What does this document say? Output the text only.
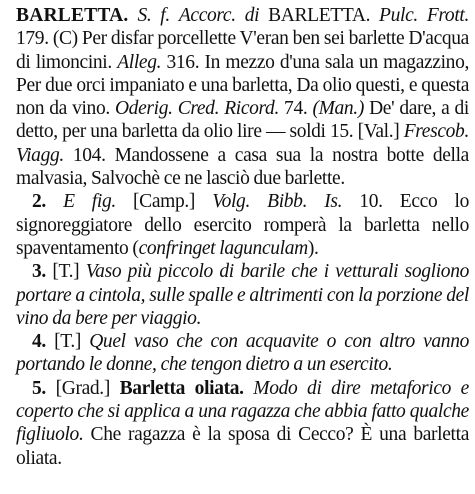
BARLETTA. S. f. Accorc. di BARLETTA. Pulc. Frott. 179. (C) Per disfar porcellette V'eran ben sei barlette D'acqua di limoncini. Alleg. 316. In mezzo d'una sala un magazzino, Per due orci impaniato e una barletta, Da olio questi, e questa non da vino. Oderig. Cred. Ricord. 74. (Man.) De' dare, a di detto, per una barletta da olio lire — soldi 15. [Val.] Frescob. Viagg. 104. Mandossene a casa sua la nostra botte della malvasia, Salvochè ce ne lasciò due barlette.

2. E fig. [Camp.] Volg. Bibb. Is. 10. Ecco lo signoreggiatore dello esercito romperà la barletta nello spaventamento (confringet lagunculam).

3. [T.] Vaso più piccolo di barile che i vetturali sogliono portare a cintola, sulle spalle e altrimenti con la porzione del vino da bere per viaggio.

4. [T.] Quel vaso che con acquavite o con altro vanno portando le donne, che tengon dietro a un esercito.

5. [Grad.] Barletta oliata. Modo di dire metaforico e coperto che si applica a una ragazza che abbia fatto qualche figliuolo. Che ragazza è la sposa di Cecco? È una barletta oliata.
